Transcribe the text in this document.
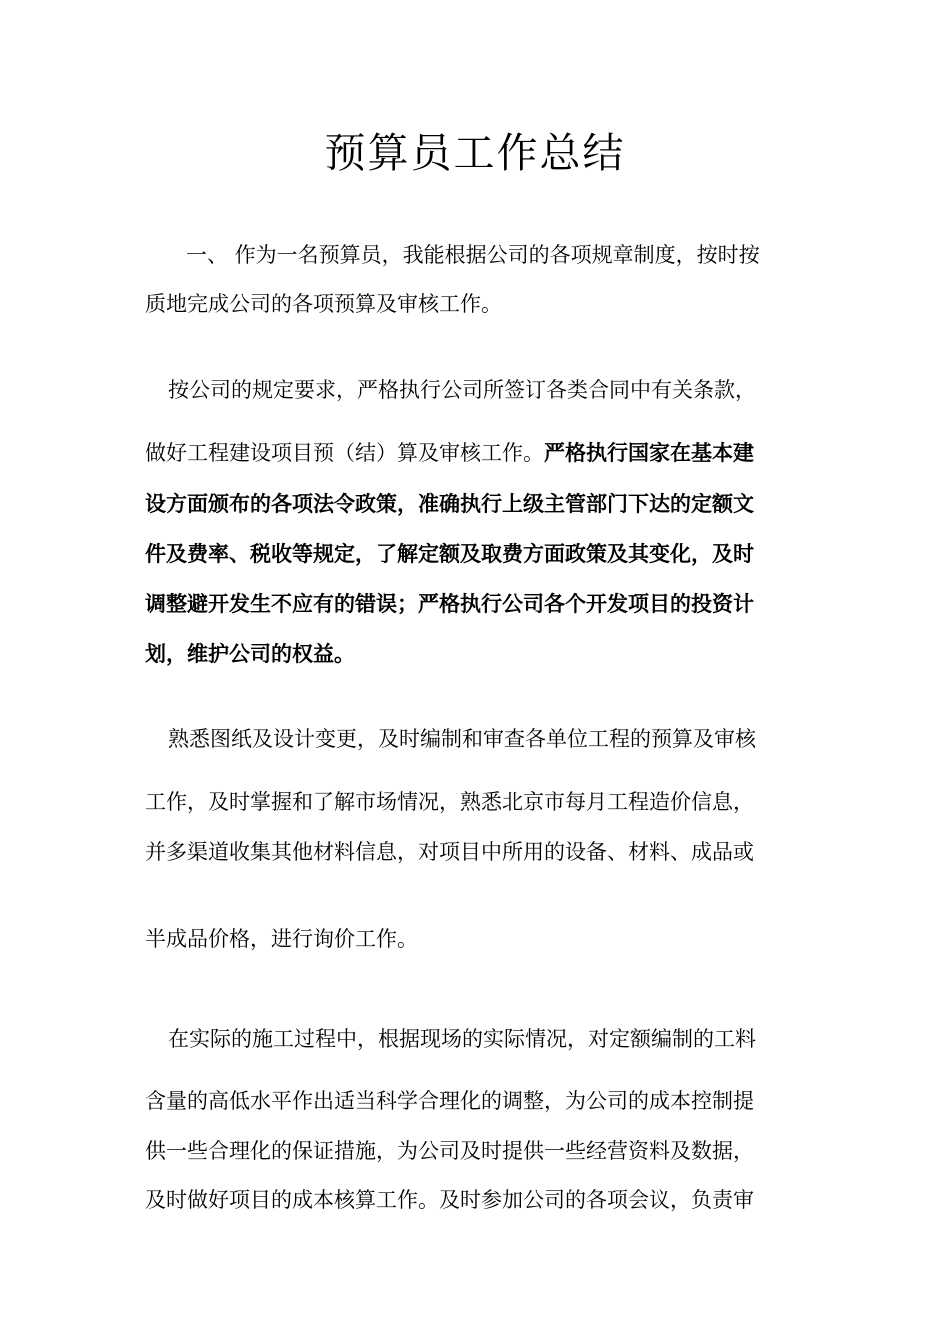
预算员工作总结
一、 作为一名预算员，我能根据公司的各项规章制度，按时按
质地完成公司的各项预算及审核工作。
按公司的规定要求，严格执行公司所签订各类合同中有关条款，
做好工程建设项目预（结）算及审核工作。严格执行国家在基本建
设方面颁布的各项法令政策，准确执行上级主管部门下达的定额文
件及费率、税收等规定，了解定额及取费方面政策及其变化，及时
调整避开发生不应有的错误；严格执行公司各个开发项目的投资计
划，维护公司的权益。
熟悉图纸及设计变更，及时编制和审查各单位工程的预算及审核
工作，及时掌握和了解市场情况，熟悉北京市每月工程造价信息，
并多渠道收集其他材料信息，对项目中所用的设备、材料、成品或
半成品价格，进行询价工作。
在实际的施工过程中，根据现场的实际情况，对定额编制的工料
含量的高低水平作出适当科学合理化的调整，为公司的成本控制提
供一些合理化的保证措施，为公司及时提供一些经营资料及数据，
及时做好项目的成本核算工作。及时参加公司的各项会议，负责审
